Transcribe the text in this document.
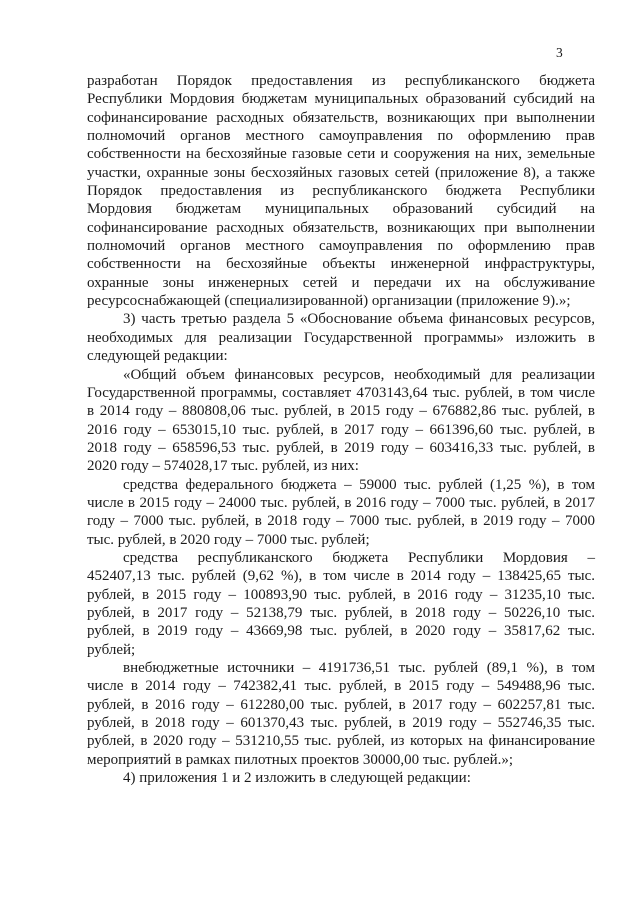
3
разработан Порядок предоставления из республиканского бюджета
Республики Мордовия бюджетам муниципальных образований субсидий на
софинансирование расходных обязательств, возникающих при выполнении
полномочий органов местного самоуправления по оформлению прав
собственности на бесхозяйные газовые сети и сооружения на них, земельные
участки, охранные зоны бесхозяйных газовых сетей (приложение 8), а также
Порядок предоставления из республиканского бюджета Республики
Мордовия бюджетам муниципальных образований субсидий на
софинансирование расходных обязательств, возникающих при выполнении
полномочий органов местного самоуправления по оформлению прав
собственности на бесхозяйные объекты инженерной инфраструктуры,
охранные зоны инженерных сетей и передачи их на обслуживание
ресурсоснабжающей (специализированной) организации (приложение 9).»;
3) часть третью раздела 5 «Обоснование объема финансовых ресурсов,
необходимых для реализации Государственной программы» изложить в
следующей редакции:
«Общий объем финансовых ресурсов, необходимый для реализации
Государственной программы, составляет 4703143,64 тыс. рублей, в том числе
в 2014 году – 880808,06 тыс. рублей, в 2015 году – 676882,86 тыс. рублей, в
2016 году – 653015,10 тыс. рублей, в 2017 году – 661396,60 тыс. рублей, в
2018 году – 658596,53 тыс. рублей, в 2019 году – 603416,33 тыс. рублей, в
2020 году – 574028,17 тыс. рублей, из них:
средства федерального бюджета – 59000 тыс. рублей (1,25 %), в том
числе в 2015 году – 24000 тыс. рублей, в 2016 году – 7000 тыс. рублей, в 2017
году – 7000 тыс. рублей, в 2018 году – 7000 тыс. рублей, в 2019 году – 7000
тыс. рублей, в 2020 году – 7000 тыс. рублей;
средства республиканского бюджета Республики Мордовия –
452407,13 тыс. рублей (9,62 %), в том числе в 2014 году – 138425,65 тыс.
рублей, в 2015 году – 100893,90 тыс. рублей, в 2016 году – 31235,10 тыс.
рублей, в 2017 году – 52138,79 тыс. рублей, в 2018 году – 50226,10 тыс.
рублей, в 2019 году – 43669,98 тыс. рублей, в 2020 году – 35817,62 тыс.
рублей;
внебюджетные источники – 4191736,51 тыс. рублей (89,1 %), в том
числе в 2014 году – 742382,41 тыс. рублей, в 2015 году – 549488,96 тыс.
рублей, в 2016 году – 612280,00 тыс. рублей, в 2017 году – 602257,81 тыс.
рублей, в 2018 году – 601370,43 тыс. рублей, в 2019 году – 552746,35 тыс.
рублей, в 2020 году – 531210,55 тыс. рублей, из которых на финансирование
мероприятий в рамках пилотных проектов 30000,00 тыс. рублей.»;
4) приложения 1 и 2 изложить в следующей редакции:
